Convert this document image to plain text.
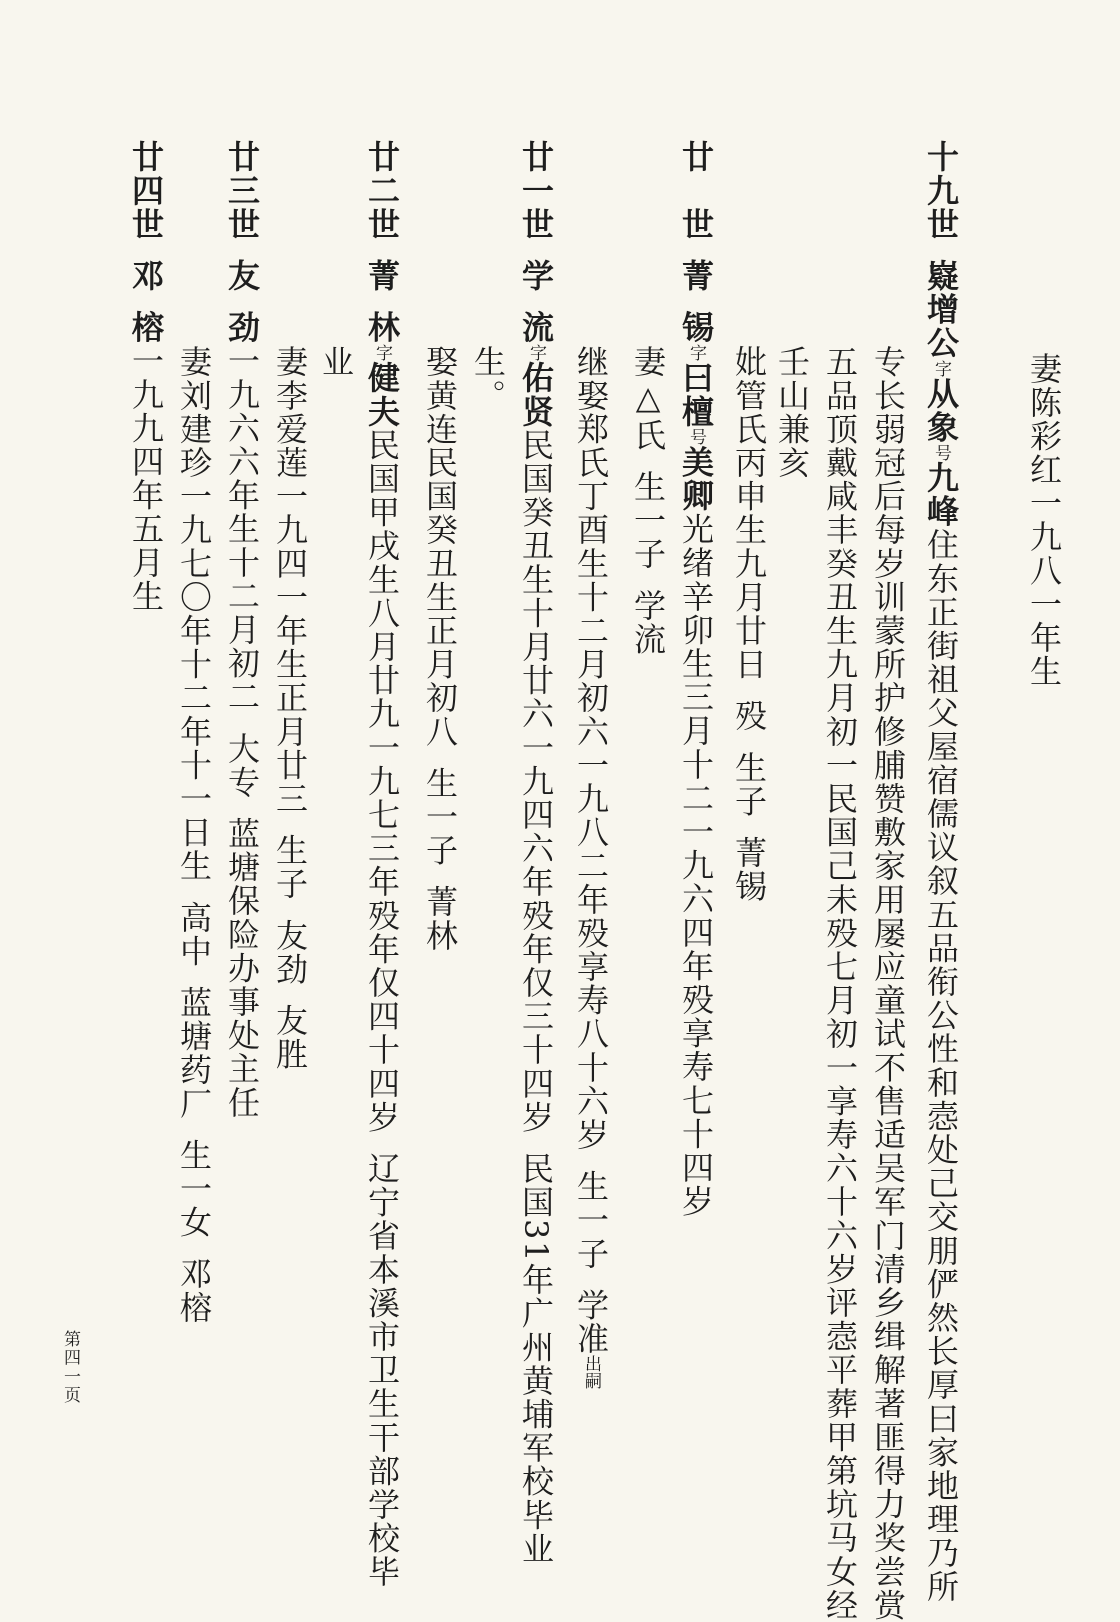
妻陈彩红一九八一年生
十九世嶷增公字从象号九峰住东正街祖父屋宿儒议叙五品衔公性和悫处己交朋俨然长厚曰家地理乃所
专长弱冠后每岁训蒙所护修脯赞敷家用屡应童试不售适吴军门清乡缉解著匪得力奖尝赏
五品顶戴咸丰癸丑生九月初一民国己未殁七月初一享寿六十六岁评悫平葬甲第坑马女经
壬山兼亥
妣管氏丙申生九月廿日殁生子菁锡
廿　世菁锡字曰檀号美卿光绪辛卯生三月十二一九六四年殁享寿七十四岁
妻△氏生一子学流
继娶郑氏丁酉生十二月初六一九八二年殁享寿八十六岁生一子学准出嗣
廿一世学流字佑贤民国癸丑生十月廿六一九四六年殁年仅三十四岁民国31年广州黄埔军校毕业
生。
娶黄连民国癸丑生正月初八生一子菁林
业
廿二世菁林字健夫民国甲戌生八月廿九一九七三年殁年仅四十四岁辽宁省本溪市卫生干部学校毕
妻李爱莲一九四一年生正月廿三生子友劲友胜
廿三世友劲一九六六年生十二月初二大专蓝塘保险办事处主任
妻刘建珍一九七〇年十二年十一日生高中蓝塘药厂生一女邓榕
廿四世邓榕一九九四年五月生
第四一页
